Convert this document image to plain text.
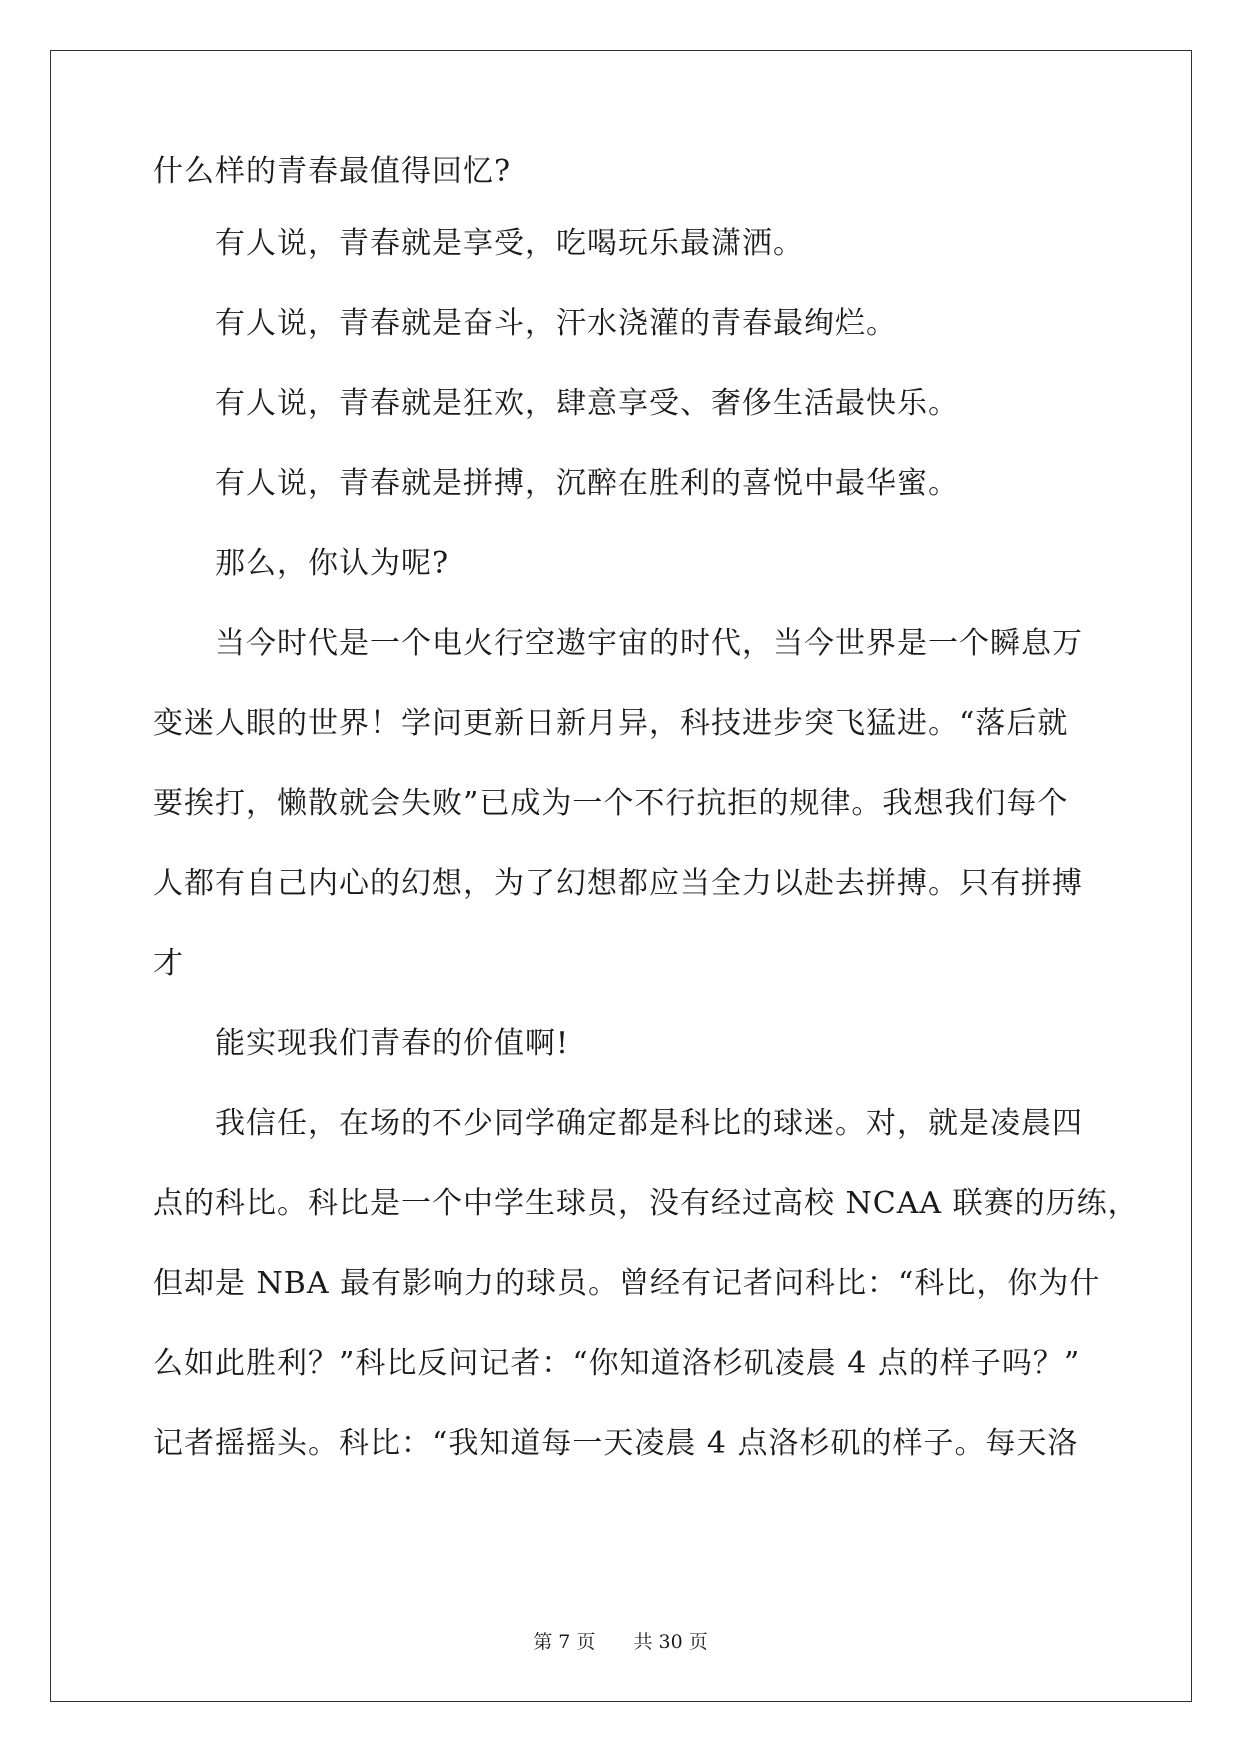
什么样的青春最值得回忆?
有人说，青春就是享受，吃喝玩乐最潇洒。
有人说，青春就是奋斗，汗水浇灌的青春最绚烂。
有人说，青春就是狂欢，肆意享受、奢侈生活最快乐。
有人说，青春就是拼搏，沉醉在胜利的喜悦中最华蜜。
那么，你认为呢?
当今时代是一个电火行空遨宇宙的时代，当今世界是一个瞬息万
变迷人眼的世界！学问更新日新月异，科技进步突飞猛进。“落后就
要挨打，懒散就会失败”已成为一个不行抗拒的规律。我想我们每个
人都有自己内心的幻想，为了幻想都应当全力以赴去拼搏。只有拼搏
才
能实现我们青春的价值啊!
我信任，在场的不少同学确定都是科比的球迷。对，就是凌晨四
点的科比。科比是一个中学生球员，没有经过高校 NCAA 联赛的历练，
但却是 NBA 最有影响力的球员。曾经有记者问科比：“科比，你为什
么如此胜利？”科比反问记者：“你知道洛杉矶凌晨 4 点的样子吗？”
记者摇摇头。科比：“我知道每一天凌晨 4 点洛杉矶的样子。每天洛
第 7 页 共 30 页
